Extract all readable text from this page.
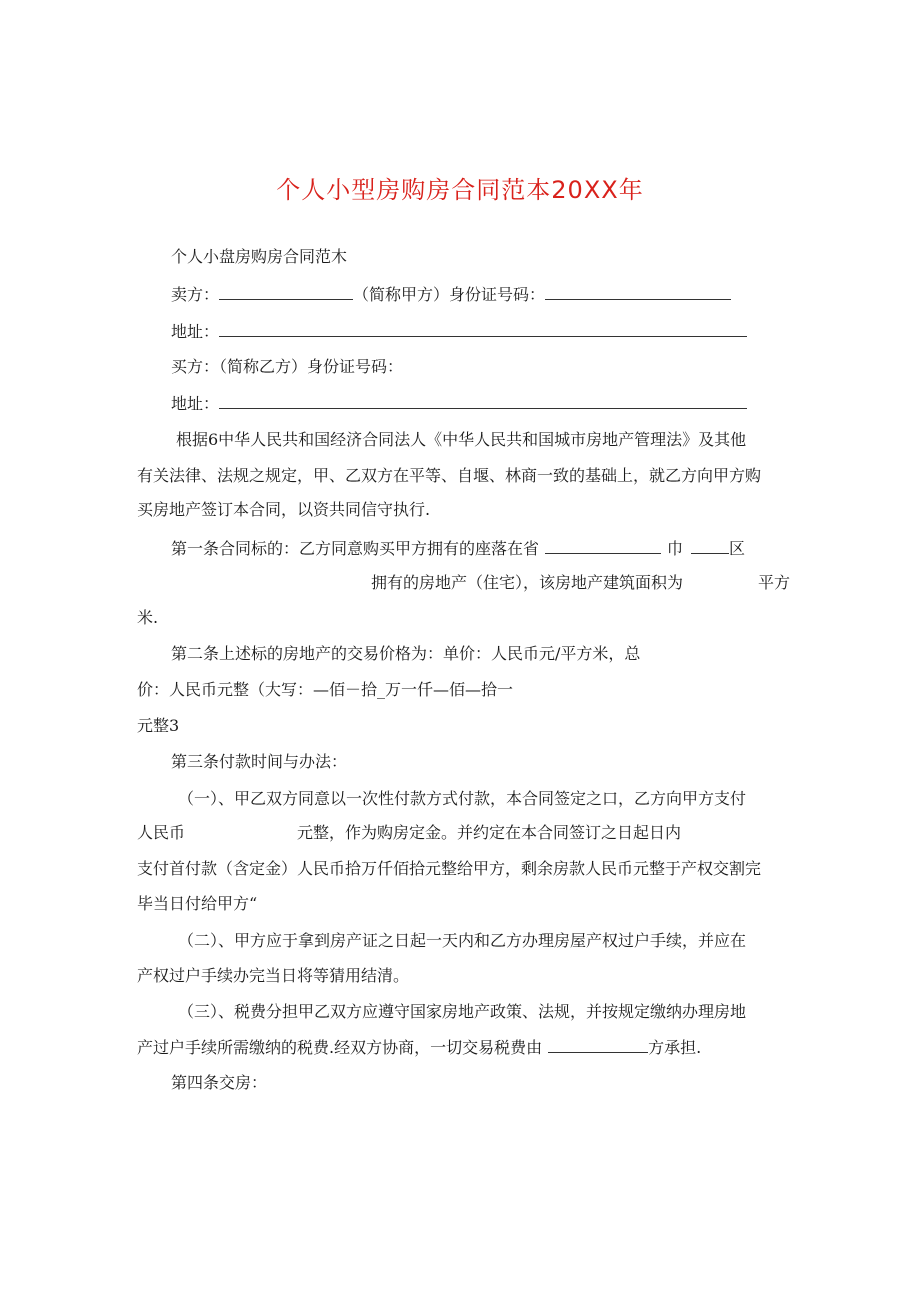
个人小型房购房合同范本20XX年
个人小盘房购房合同范木
卖方：	（简称甲方）身份证号码：
地址：
买方：（简称乙方）身份证号码：
地址：
根据6中华人民共和国经济合同法人《中华人民共和国城市房地产管理法》及其他
有关法律、法规之规定，甲、乙双方在平等、自堰、林商一致的基础上，就乙方向甲方购
买房地产签订本合同，以资共同信守执行.
第一条合同标的：乙方同意购买甲方拥有的座落在省	巾	区
拥有的房地产（住宅），该房地产建筑面积为	平方
米.
第二条上述标的房地产的交易价格为：单价：人民币元/平方米，总
价：人民币元整（大写：—佰－拾_万一仟—佰—拾一
元整3
第三条付款时间与办法：
（一）、甲乙双方同意以一次性付款方式付款，本合同签定之口，乙方向甲方支付
人民币	元整，作为购房定金。并约定在本合同签订之日起日内
支付首付款（含定金）人民币拾万仟佰拾元整给甲方，剩余房款人民币元整于产权交割完
毕当日付给甲方“
（二）、甲方应于拿到房产证之日起一天内和乙方办理房屋产权过户手续，并应在
产权过户手续办完当日将等猜用结清。
（三）、税费分担甲乙双方应遵守国家房地产政策、法规，并按规定缴纳办理房地
产过户手续所需缴纳的税费.经双方协商，一切交易税费由	方承担.
第四条交房：
